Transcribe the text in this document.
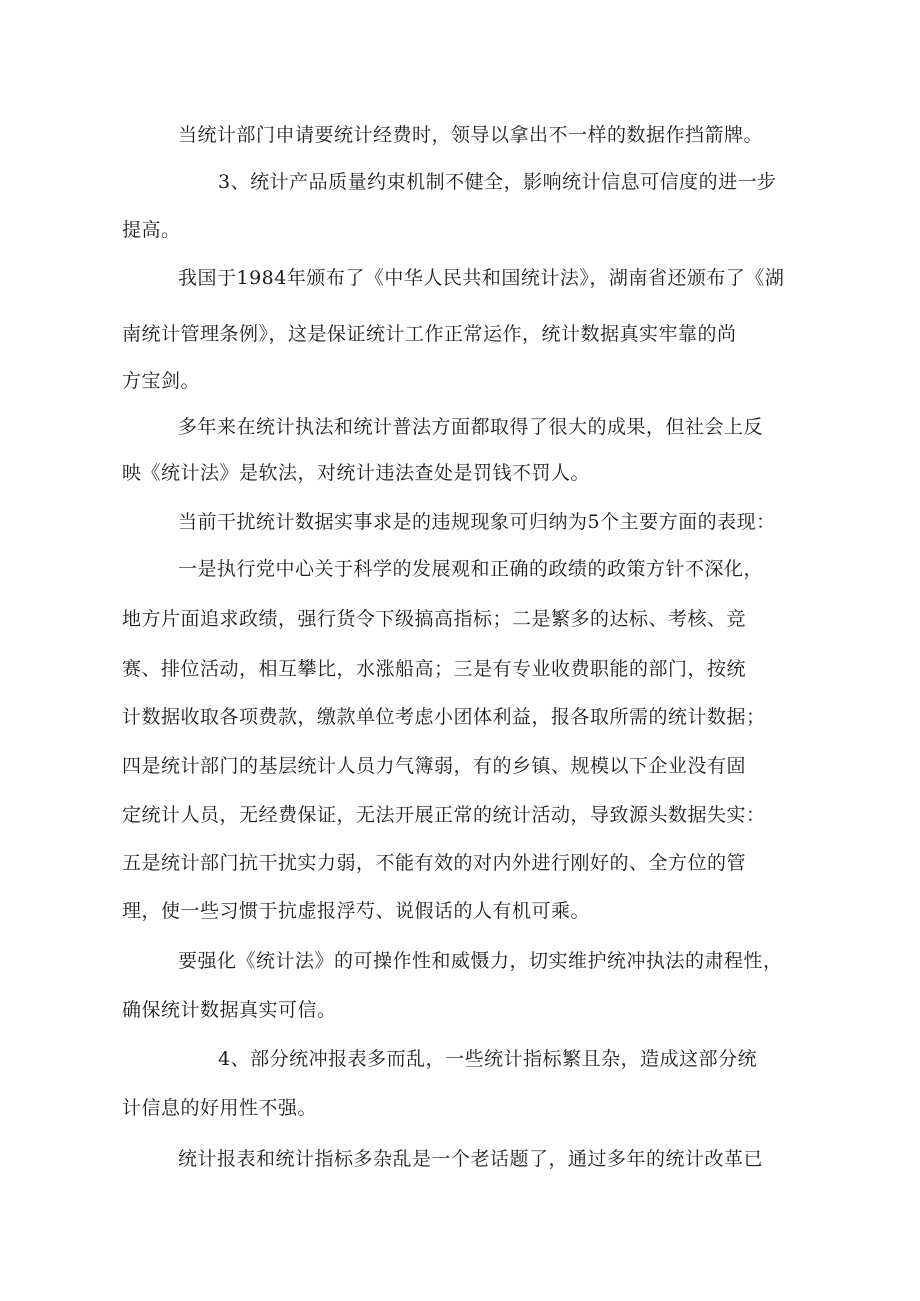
当统计部门申请要统计经费时，领导以拿出不一样的数据作挡箭牌。
3、统计产品质量约束机制不健全，影响统计信息可信度的进一步
提高。
我国于1984年颁布了《中华人民共和国统计法》，湖南省还颁布了《湖
南统计管理条例》，这是保证统计工作正常运作，统计数据真实牢靠的尚
方宝剑。
多年来在统计执法和统计普法方面都取得了很大的成果，但社会上反
映《统计法》是软法，对统计违法查处是罚钱不罚人。
当前干扰统计数据实事求是的违规现象可归纳为5个主要方面的表现：
一是执行党中心关于科学的发展观和正确的政绩的政策方针不深化，
地方片面追求政绩，强行货令下级搞高指标；二是繁多的达标、考核、竞
赛、排位活动，相互攀比，水涨船高；三是有专业收费职能的部门，按统
计数据收取各项费款，缴款单位考虑小团体利益，报各取所需的统计数据；
四是统计部门的基层统计人员力气簿弱，有的乡镇、规模以下企业没有固
定统计人员，无经费保证，无法开展正常的统计活动，导致源头数据失实：
五是统计部门抗干扰实力弱，不能有效的对内外进行刚好的、全方位的管
理，使一些习惯于抗虚报浮芍、说假话的人有机可乘。
要强化《统计法》的可操作性和威慑力，切实维护统冲执法的肃程性，
确保统计数据真实可信。
4、部分统冲报表多而乱，一些统计指标繁且杂，造成这部分统
计信息的好用性不强。
统计报表和统计指标多杂乱是一个老话题了，通过多年的统计改革已
